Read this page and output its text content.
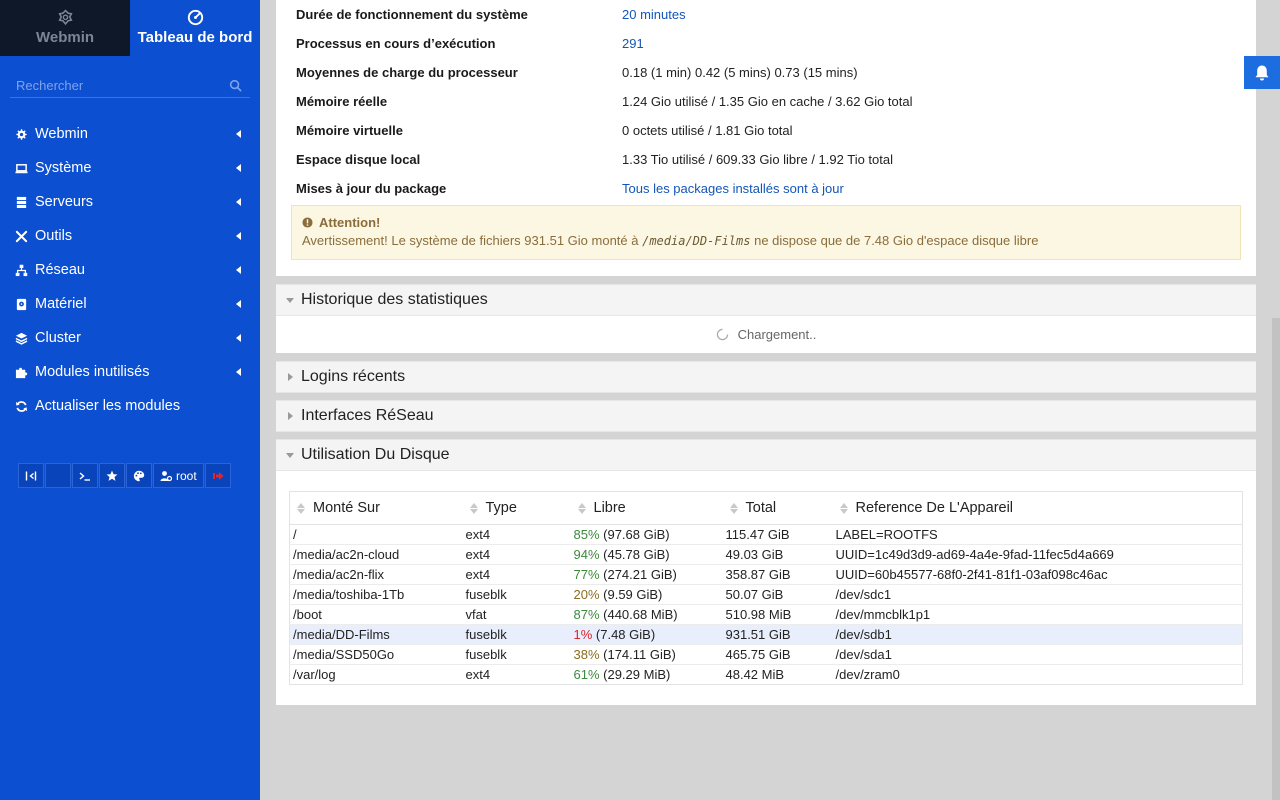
Webmin	Tableau de bord
Rechercher
Webmin
Système
Serveurs
Outils
Réseau
Matériel
Cluster
Modules inutilisés
Actualiser les modules
root
Durée de fonctionnement du système	20 minutes
Processus en cours d’exécution	291
Moyennes de charge du processeur	0.18 (1 min) 0.42 (5 mins) 0.73 (15 mins)
Mémoire réelle	1.24 Gio utilisé / 1.35 Gio en cache / 3.62 Gio total
Mémoire virtuelle	0 octets utilisé / 1.81 Gio total
Espace disque local	1.33 Tio utilisé / 609.33 Gio libre / 1.92 Tio total
Mises à jour du package	Tous les packages installés sont à jour
Attention!
Avertissement! Le système de fichiers 931.51 Gio monté à /media/DD-Films ne dispose que de 7.48 Gio d'espace disque libre
Historique des statistiques
Chargement..
Logins récents
Interfaces RéSeau
Utilisation Du Disque
Monté Sur	Type	Libre	Total	Reference De L'Appareil

/	ext4	85% (97.68 GiB)	115.47 GiB	LABEL=ROOTFS
/media/ac2n-cloud	ext4	94% (45.78 GiB)	49.03 GiB	UUID=1c49d3d9-ad69-4a4e-9fad-11fec5d4a669
/media/ac2n-flix	ext4	77% (274.21 GiB)	358.87 GiB	UUID=60b45577-68f0-2f41-81f1-03af098c46ac
/media/toshiba-1Tb	fuseblk	20% (9.59 GiB)	50.07 GiB	/dev/sdc1
/boot	vfat	87% (440.68 MiB)	510.98 MiB	/dev/mmcblk1p1
/media/DD-Films	fuseblk	1% (7.48 GiB)	931.51 GiB	/dev/sdb1
/media/SSD50Go	fuseblk	38% (174.11 GiB)	465.75 GiB	/dev/sda1
/var/log	ext4	61% (29.29 MiB)	48.42 MiB	/dev/zram0
